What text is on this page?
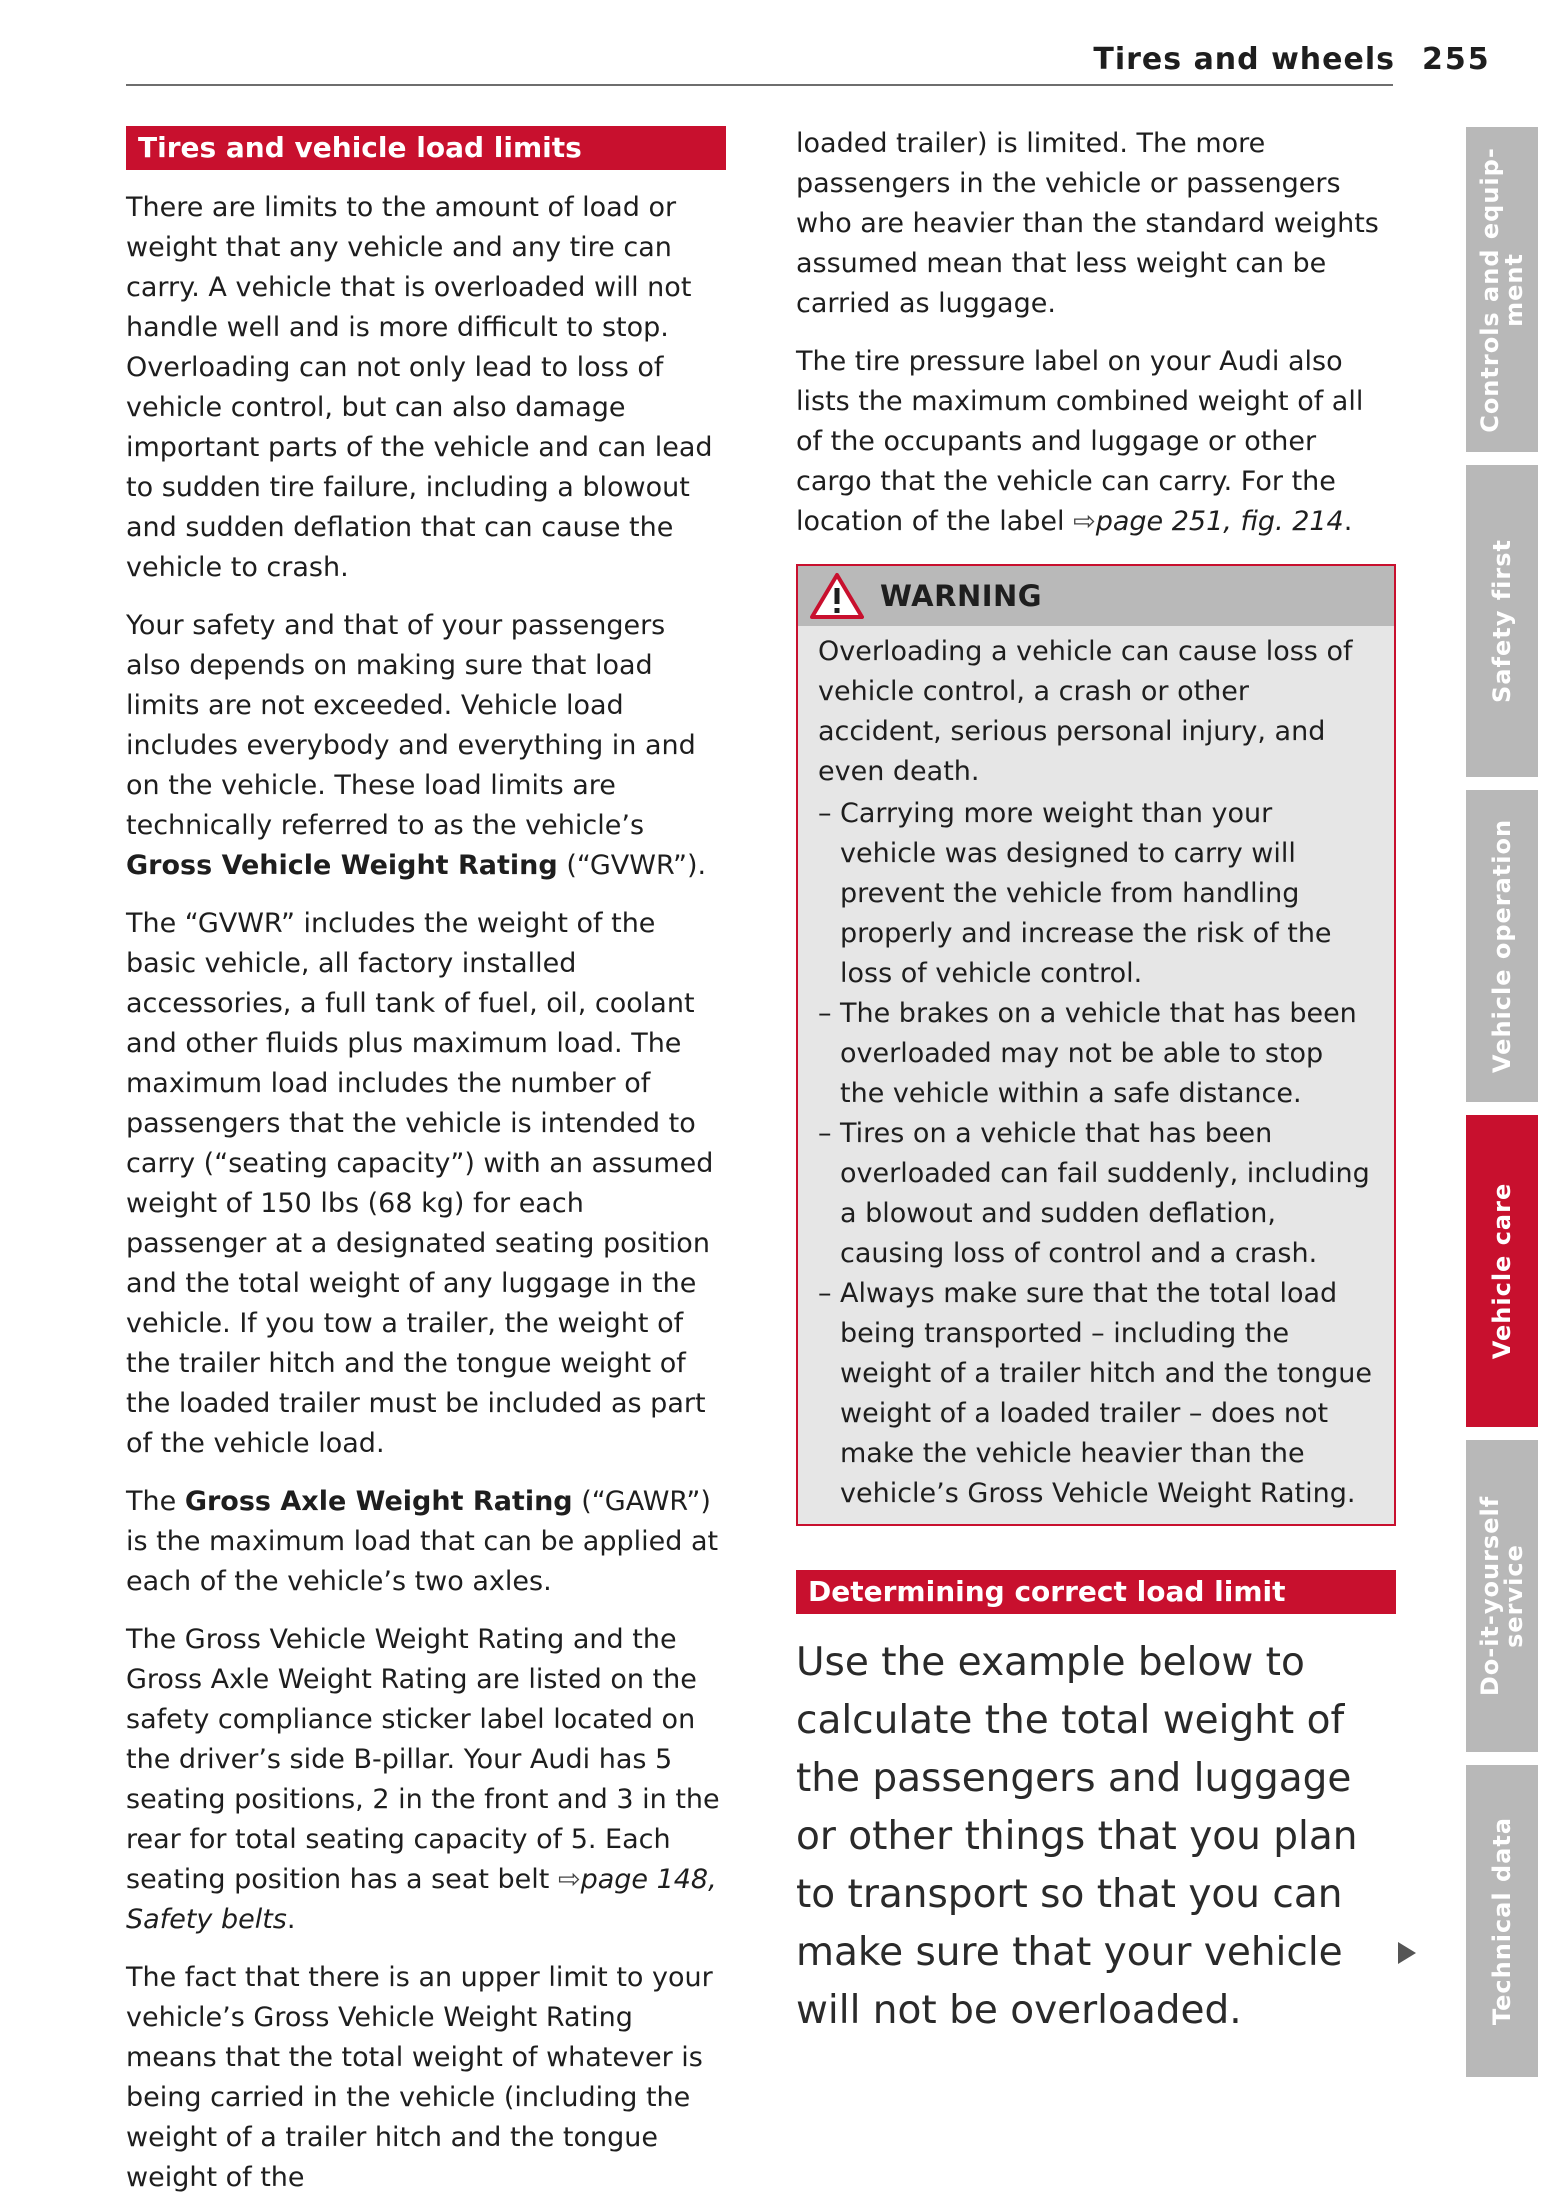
Tires and wheels 255
Tires and vehicle load limits

There are limits to the amount of load or weight that any vehicle and any tire can carry. A vehicle that is overloaded will not handle well and is more difficult to stop. Overloading can not only lead to loss of vehicle control, but can also damage important parts of the vehicle and can lead to sudden tire failure, including a blowout and sudden deflation that can cause the vehicle to crash.

Your safety and that of your passengers also depends on making sure that load limits are not exceeded. Vehicle load includes everybody and everything in and on the vehicle. These load limits are technically referred to as the vehicle’s Gross Vehicle Weight Rating (“GVWR”).

The “GVWR” includes the weight of the basic vehicle, all factory installed accessories, a full tank of fuel, oil, coolant and other fluids plus maximum load. The maximum load includes the number of passengers that the vehicle is intended to carry (“seating capacity”) with an assumed weight of 150 lbs (68 kg) for each passenger at a designated seating position and the total weight of any luggage in the vehicle. If you tow a trailer, the weight of the trailer hitch and the tongue weight of the loaded trailer must be included as part of the vehicle load.

The Gross Axle Weight Rating (“GAWR”) is the maximum load that can be applied at each of the vehicle’s two axles.

The Gross Vehicle Weight Rating and the Gross Axle Weight Rating are listed on the safety compliance sticker label located on the driver’s side B-pillar. Your Audi has 5 seating positions, 2 in the front and 3 in the rear for total seating capacity of 5. Each seating position has a seat belt ⇨page 148, Safety belts.

The fact that there is an upper limit to your vehicle’s Gross Vehicle Weight Rating means that the total weight of whatever is being carried in the vehicle (including the weight of a trailer hitch and the tongue weight of the

loaded trailer) is limited. The more passengers in the vehicle or passengers who are heavier than the standard weights assumed mean that less weight can be carried as luggage.

The tire pressure label on your Audi also lists the maximum combined weight of all of the occupants and luggage or other cargo that the vehicle can carry. For the location of the label ⇨page 251, fig. 214.

WARNING
Overloading a vehicle can cause loss of vehicle control, a crash or other accident, serious personal injury, and even death.
– Carrying more weight than your vehicle was designed to carry will prevent the vehicle from handling properly and increase the risk of the loss of vehicle control.
– The brakes on a vehicle that has been overloaded may not be able to stop the vehicle within a safe distance.
– Tires on a vehicle that has been overloaded can fail suddenly, including a blowout and sudden deflation, causing loss of control and a crash.
– Always make sure that the total load being transported – including the weight of a trailer hitch and the tongue weight of a loaded trailer – does not make the vehicle heavier than the vehicle’s Gross Vehicle Weight Rating.
Determining correct load limit

Use the example below to calculate the total weight of the passengers and luggage or other things that you plan to transport so that you can make sure that your vehicle will not be overloaded.

Controls and equip-
ment
Safety first
Vehicle operation
Vehicle care
Do-it-yourself
service
Technical data
